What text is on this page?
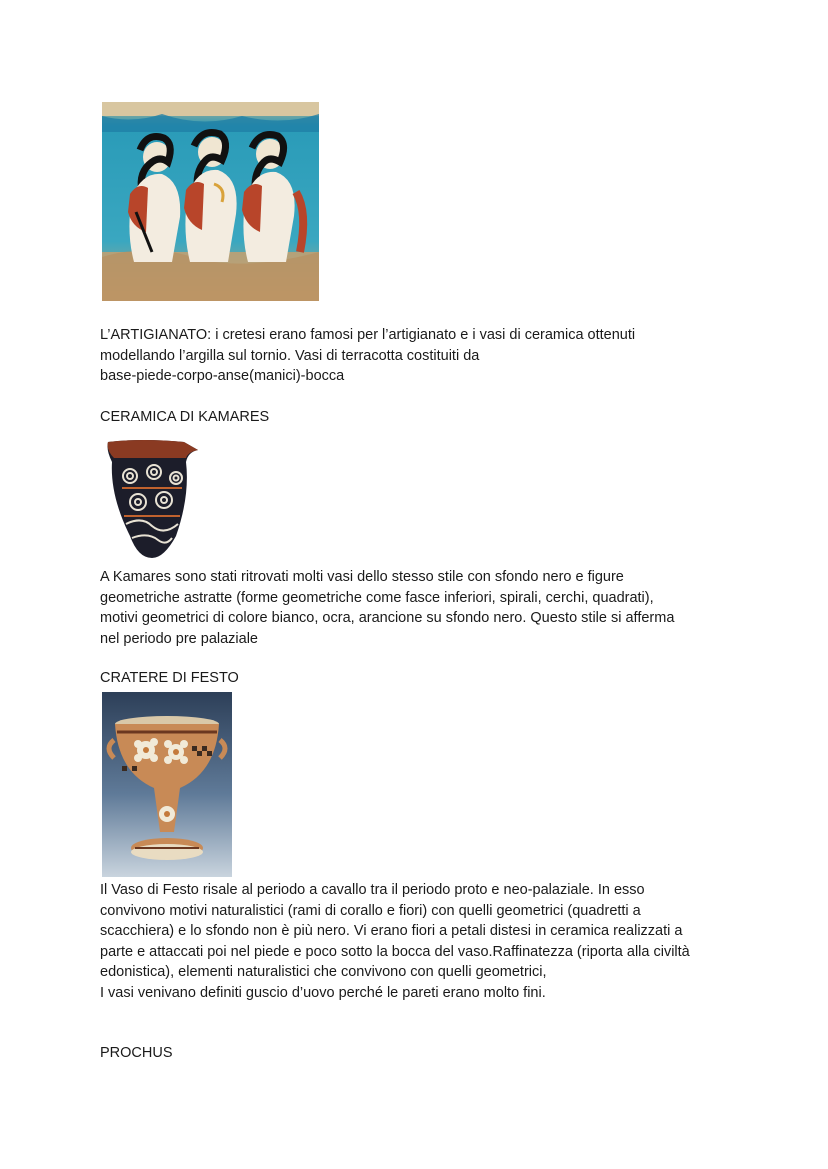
L’ARTIGIANATO: i cretesi erano famosi per l’artigianato e i vasi di ceramica ottenuti
modellando l’argilla sul tornio. Vasi di terracotta costituiti da
base-piede-corpo-anse(manici)-bocca

CERAMICA DI KAMARES

A Kamares sono stati ritrovati molti vasi dello stesso stile con sfondo nero e figure
geometriche astratte (forme geometriche come fasce inferiori, spirali, cerchi, quadrati),
motivi geometrici di colore bianco, ocra, arancione su sfondo nero. Questo stile si afferma
nel periodo pre palaziale

CRATERE DI FESTO

Il Vaso di Festo risale al periodo a cavallo tra il periodo proto e neo-palaziale. In esso
convivono motivi naturalistici (rami di corallo e fiori) con quelli geometrici (quadretti a
scacchiera) e lo sfondo non è più nero. Vi erano fiori a petali distesi in ceramica realizzati a
parte e attaccati poi nel piede e poco sotto la bocca del vaso.Raffinatezza (riporta alla civiltà
edonistica), elementi naturalistici che convivono con quelli geometrici,
I vasi venivano definiti guscio d’uovo perché le pareti erano molto fini.

PROCHUS
